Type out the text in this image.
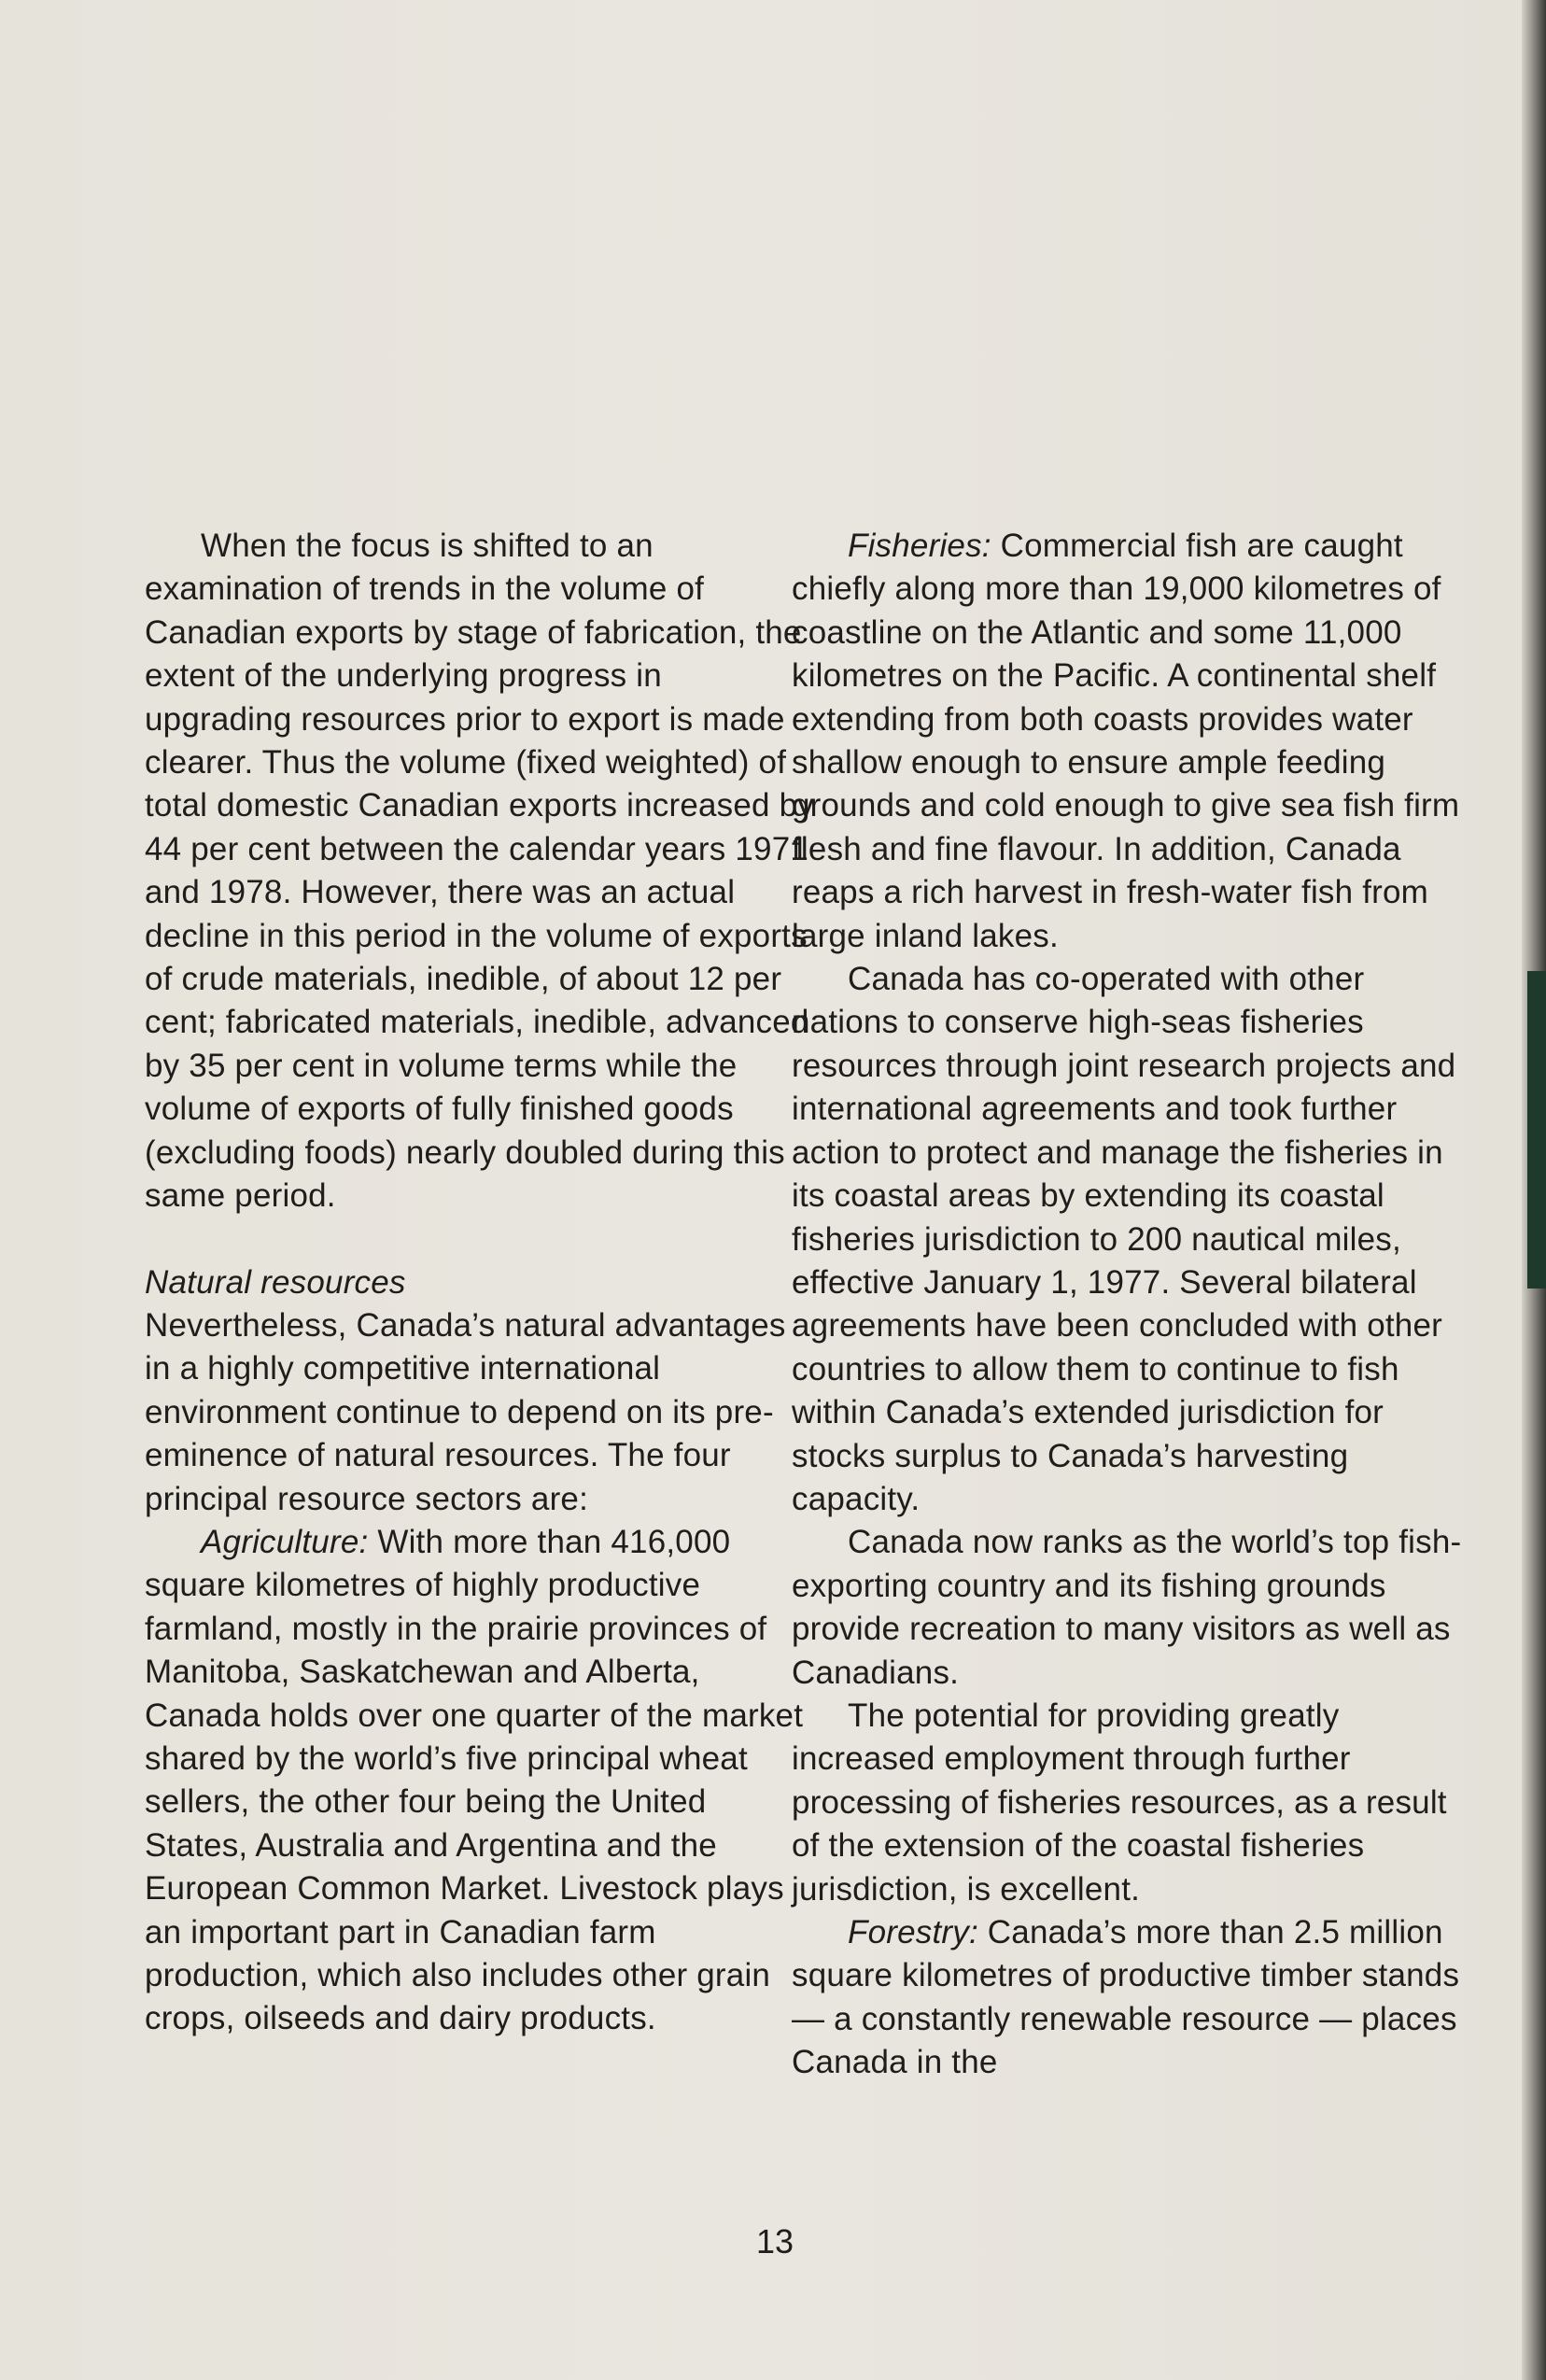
When the focus is shifted to an examination of trends in the volume of Canadian exports by stage of fabrication, the extent of the underlying progress in upgrading resources prior to export is made clearer. Thus the volume (fixed weighted) of total domestic Canadian exports increased by 44 per cent between the calendar years 1971 and 1978. However, there was an actual decline in this period in the volume of exports of crude materials, inedible, of about 12 per cent; fabricated materials, inedible, advanced by 35 per cent in volume terms while the volume of exports of fully finished goods (excluding foods) nearly doubled during this same period.

Natural resources

Nevertheless, Canada’s natural advantages in a highly competitive international environment continue to depend on its pre-eminence of natural resources. The four principal resource sectors are:

Agriculture: With more than 416,000 square kilometres of highly productive farmland, mostly in the prairie provinces of Manitoba, Saskatchewan and Alberta, Canada holds over one quarter of the market shared by the world’s five principal wheat sellers, the other four being the United States, Australia and Argentina and the European Common Market. Livestock plays an important part in Canadian farm production, which also includes other grain crops, oilseeds and dairy products.

Fisheries: Commercial fish are caught chiefly along more than 19,000 kilometres of coastline on the Atlantic and some 11,000 kilometres on the Pacific. A continental shelf extending from both coasts provides water shallow enough to ensure ample feeding grounds and cold enough to give sea fish firm flesh and fine flavour. In addition, Canada reaps a rich harvest in fresh-water fish from large inland lakes.

Canada has co-operated with other nations to conserve high-seas fisheries resources through joint research projects and international agreements and took further action to protect and manage the fisheries in its coastal areas by extending its coastal fisheries jurisdiction to 200 nautical miles, effective January 1, 1977. Several bilateral agreements have been concluded with other countries to allow them to continue to fish within Canada’s extended jurisdiction for stocks surplus to Canada’s harvesting capacity.

Canada now ranks as the world’s top fish-exporting country and its fishing grounds provide recreation to many visitors as well as Canadians.

The potential for providing greatly increased employment through further processing of fisheries resources, as a result of the extension of the coastal fisheries jurisdiction, is excellent.

Forestry: Canada’s more than 2.5 million square kilometres of productive timber stands — a constantly renewable resource — places Canada in the

13
